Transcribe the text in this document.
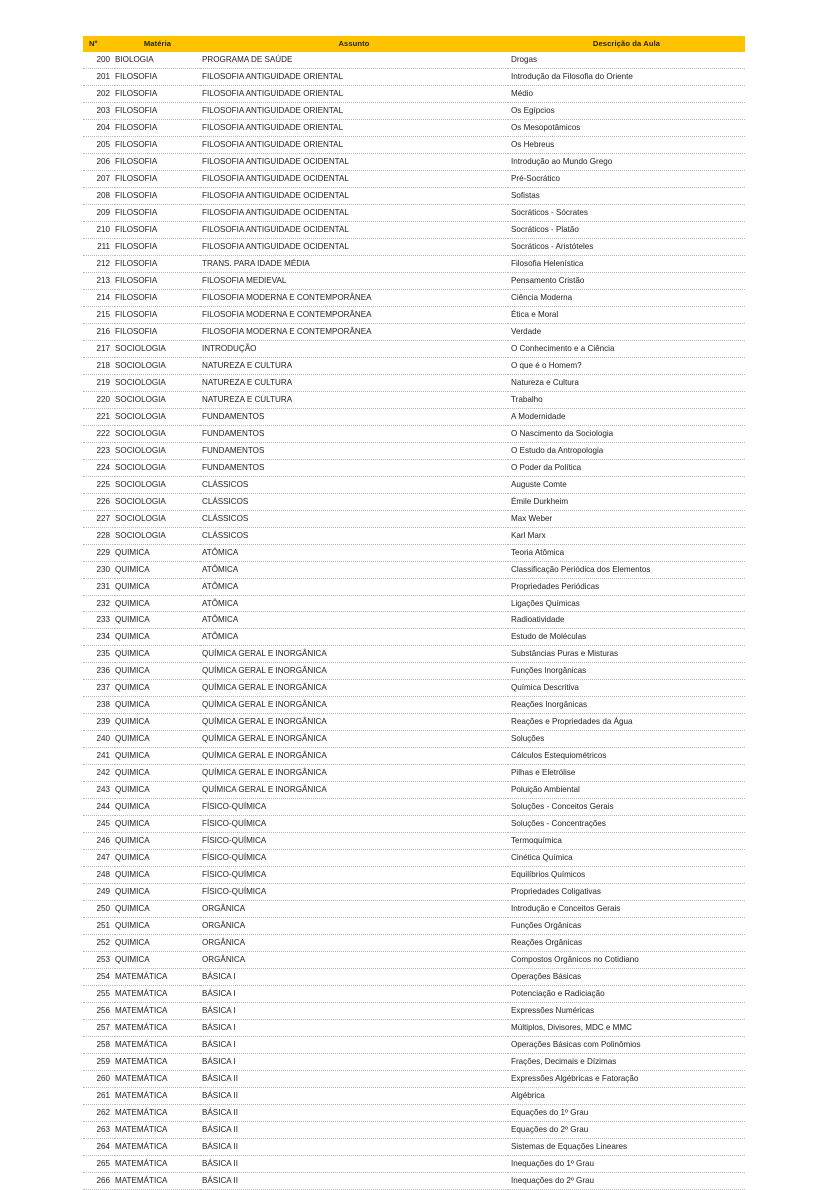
Nº	Matéria	Assunto	Descrição da Aula
200	BIOLOGIA	PROGRAMA DE SAÚDE	Drogas
201	FILOSOFIA	FILOSOFIA ANTIGUIDADE ORIENTAL	Introdução da Filosofia do Oriente
202	FILOSOFIA	FILOSOFIA ANTIGUIDADE ORIENTAL	Médio
203	FILOSOFIA	FILOSOFIA ANTIGUIDADE ORIENTAL	Os Egípcios
204	FILOSOFIA	FILOSOFIA ANTIGUIDADE ORIENTAL	Os Mesopotâmicos
205	FILOSOFIA	FILOSOFIA ANTIGUIDADE ORIENTAL	Os Hebreus
206	FILOSOFIA	FILOSOFIA ANTIGUIDADE OCIDENTAL	Introdução ao Mundo Grego
207	FILOSOFIA	FILOSOFIA ANTIGUIDADE OCIDENTAL	Pré-Socrático
208	FILOSOFIA	FILOSOFIA ANTIGUIDADE OCIDENTAL	Sofistas
209	FILOSOFIA	FILOSOFIA ANTIGUIDADE OCIDENTAL	Socráticos - Sócrates
210	FILOSOFIA	FILOSOFIA ANTIGUIDADE OCIDENTAL	Socráticos - Platão
211	FILOSOFIA	FILOSOFIA ANTIGUIDADE OCIDENTAL	Socráticos - Aristóteles
212	FILOSOFIA	TRANS. PARA IDADE MÉDIA	Filosofia Helenística
213	FILOSOFIA	FILOSOFIA MEDIEVAL	Pensamento Cristão
214	FILOSOFIA	FILOSOFIA MODERNA E CONTEMPORÂNEA	Ciência Moderna
215	FILOSOFIA	FILOSOFIA MODERNA E CONTEMPORÂNEA	Ética e Moral
216	FILOSOFIA	FILOSOFIA MODERNA E CONTEMPORÂNEA	Verdade
217	SOCIOLOGIA	INTRODUÇÃO	O Conhecimento e a Ciência
218	SOCIOLOGIA	NATUREZA E CULTURA	O que é o Homem?
219	SOCIOLOGIA	NATUREZA E CULTURA	Natureza e Cultura
220	SOCIOLOGIA	NATUREZA E CULTURA	Trabalho
221	SOCIOLOGIA	FUNDAMENTOS	A Modernidade
222	SOCIOLOGIA	FUNDAMENTOS	O Nascimento da Sociologia
223	SOCIOLOGIA	FUNDAMENTOS	O Estudo da Antropologia
224	SOCIOLOGIA	FUNDAMENTOS	O Poder da Política
225	SOCIOLOGIA	CLÁSSICOS	Auguste Comte
226	SOCIOLOGIA	CLÁSSICOS	Émile Durkheim
227	SOCIOLOGIA	CLÁSSICOS	Max Weber
228	SOCIOLOGIA	CLÁSSICOS	Karl Marx
229	QUIMICA	ATÔMICA	Teoria Atômica
230	QUIMICA	ATÔMICA	Classificação Periódica dos Elementos
231	QUIMICA	ATÔMICA	Propriedades Periódicas
232	QUIMICA	ATÔMICA	Ligações Químicas
233	QUIMICA	ATÔMICA	Radioatividade
234	QUIMICA	ATÔMICA	Estudo de Moléculas
235	QUIMICA	QUÍMICA GERAL E INORGÂNICA	Substâncias Puras e Misturas
236	QUIMICA	QUÍMICA GERAL E INORGÂNICA	Funções Inorgânicas
237	QUIMICA	QUÍMICA GERAL E INORGÂNICA	Química Descritiva
238	QUIMICA	QUÍMICA GERAL E INORGÂNICA	Reações Inorgânicas
239	QUIMICA	QUÍMICA GERAL E INORGÂNICA	Reações e Propriedades da Água
240	QUIMICA	QUÍMICA GERAL E INORGÂNICA	Soluções
241	QUIMICA	QUÍMICA GERAL E INORGÂNICA	Cálculos Estequiométricos
242	QUIMICA	QUÍMICA GERAL E INORGÂNICA	Pilhas e Eletrólise
243	QUIMICA	QUÍMICA GERAL E INORGÂNICA	Poluição Ambiental
244	QUIMICA	FÍSICO-QUÍMICA	Soluções - Conceitos Gerais
245	QUIMICA	FÍSICO-QUÍMICA	Soluções - Concentrações
246	QUIMICA	FÍSICO-QUÍMICA	Termoquímica
247	QUIMICA	FÍSICO-QUÍMICA	Cinética Química
248	QUIMICA	FÍSICO-QUÍMICA	Equilíbrios Químicos
249	QUIMICA	FÍSICO-QUÍMICA	Propriedades Coligativas
250	QUIMICA	ORGÂNICA	Introdução e Conceitos Gerais
251	QUIMICA	ORGÂNICA	Funções Orgânicas
252	QUIMICA	ORGÂNICA	Reações Orgânicas
253	QUIMICA	ORGÂNICA	Compostos Orgânicos no Cotidiano
254	MATEMÁTICA	BÁSICA I	Operações Básicas
255	MATEMÁTICA	BÁSICA I	Potenciação e Radiciação
256	MATEMÁTICA	BÁSICA I	Expressões Numéricas
257	MATEMÁTICA	BÁSICA I	Múltiplos, Divisores, MDC e MMC
258	MATEMÁTICA	BÁSICA I	Operações Básicas com Polinômios
259	MATEMÁTICA	BÁSICA I	Frações, Decimais e Dízimas
260	MATEMÁTICA	BÁSICA II	Expressões Algébricas e Fatoração
261	MATEMÁTICA	BÁSICA II	Algébrica
262	MATEMÁTICA	BÁSICA II	Equações do 1º Grau
263	MATEMÁTICA	BÁSICA II	Equações do 2º Grau
264	MATEMÁTICA	BÁSICA II	Sistemas de Equações Lineares
265	MATEMÁTICA	BÁSICA II	Inequações do 1º Grau
266	MATEMÁTICA	BÁSICA II	Inequações do 2º Grau
